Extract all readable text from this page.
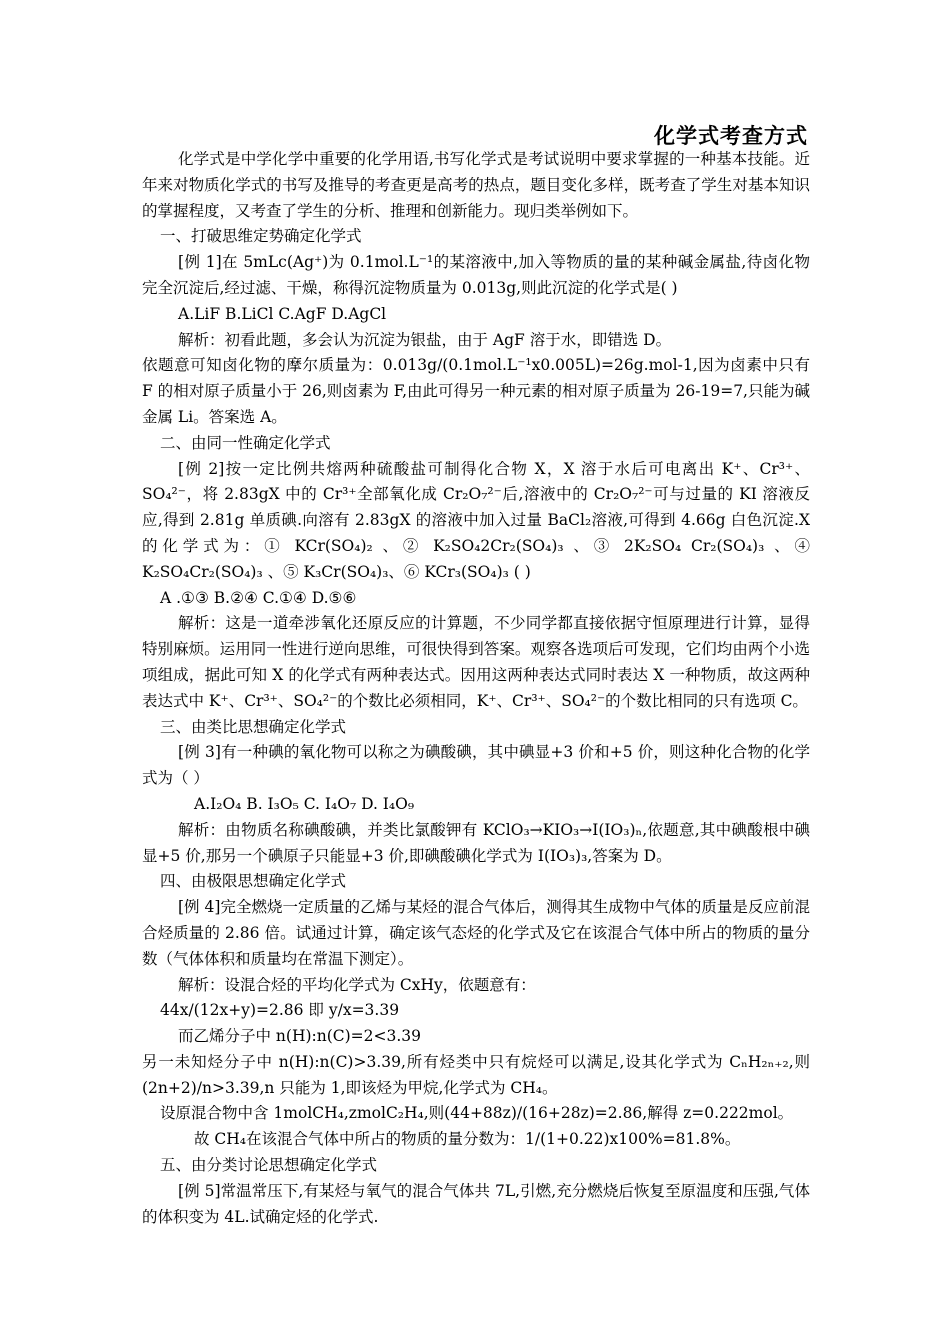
化学式考查方式

化学式是中学化学中重要的化学用语,书写化学式是考试说明中要求掌握的一种基本技能。近年来对物质化学式的书写及推导的考查更是高考的热点，题目变化多样，既考查了学生对基本知识的掌握程度，又考查了学生的分析、推理和创新能力。现归类举例如下。

一、打破思维定势确定化学式

[例 1]在 5mLc(Ag⁺)为 0.1mol.L⁻¹的某溶液中,加入等物质的量的某种碱金属盐,待卤化物完全沉淀后,经过滤、干燥，称得沉淀物质量为 0.013g,则此沉淀的化学式是( )

A.LiF B.LiCl C.AgF D.AgCl

解析：初看此题，多会认为沉淀为银盐，由于 AgF 溶于水，即错选 D。

依题意可知卤化物的摩尔质量为：0.013g/(0.1mol.L⁻¹x0.005L)=26g.mol-1,因为卤素中只有 F 的相对原子质量小于 26,则卤素为 F,由此可得另一种元素的相对原子质量为 26-19=7,只能为碱金属 Li。答案选 A。

二、由同一性确定化学式

[例 2]按一定比例共熔两种硫酸盐可制得化合物 X，X 溶于水后可电离出 K⁺、Cr³⁺、SO₄²⁻，将 2.83gX 中的 Cr³⁺全部氧化成 Cr₂O₇²⁻后,溶液中的 Cr₂O₇²⁻可与过量的 KI 溶液反应,得到 2.81g 单质碘.向溶有 2.83gX 的溶液中加入过量 BaCl₂溶液,可得到 4.66g 白色沉淀.X 的化学式为：① KCr(SO₄)₂ 、② K₂SO₄2Cr₂(SO₄)₃ 、③ 2K₂SO₄ Cr₂(SO₄)₃ 、④ K₂SO₄Cr₂(SO₄)₃ 、⑤ K₃Cr(SO₄)₃、⑥ KCr₃(SO₄)₃ ( )

A .①③ B.②④ C.①④ D.⑤⑥

解析：这是一道牵涉氧化还原反应的计算题，不少同学都直接依据守恒原理进行计算，显得特别麻烦。运用同一性进行逆向思维，可很快得到答案。观察各选项后可发现，它们均由两个小选项组成，据此可知 X 的化学式有两种表达式。因用这两种表达式同时表达 X 一种物质，故这两种表达式中 K⁺、Cr³⁺、SO₄²⁻的个数比必须相同，K⁺、Cr³⁺、SO₄²⁻的个数比相同的只有选项 C。

三、由类比思想确定化学式

[例 3]有一种碘的氧化物可以称之为碘酸碘，其中碘显+3 价和+5 价，则这种化合物的化学式为（ ）

A.I₂O₄ B. I₃O₅ C. I₄O₇ D. I₄O₉

解析：由物质名称碘酸碘，并类比氯酸钾有 KClO₃→KIO₃→I(IO₃)ₙ,依题意,其中碘酸根中碘显+5 价,那另一个碘原子只能显+3 价,即碘酸碘化学式为 I(IO₃)₃,答案为 D。

四、由极限思想确定化学式

[例 4]完全燃烧一定质量的乙烯与某烃的混合气体后，测得其生成物中气体的质量是反应前混合烃质量的 2.86 倍。试通过计算，确定该气态烃的化学式及它在该混合气体中所占的物质的量分数（气体体积和质量均在常温下测定）。

解析：设混合烃的平均化学式为 CxHy，依题意有：

44x/(12x+y)=2.86 即 y/x=3.39

而乙烯分子中 n(H):n(C)=2<3.39

另一未知烃分子中 n(H):n(C)>3.39,所有烃类中只有烷烃可以满足,设其化学式为 CₙH₂ₙ₊₂,则(2n+2)/n>3.39,n 只能为 1,即该烃为甲烷,化学式为 CH₄。

设原混合物中含 1molCH₄,zmolC₂H₄,则(44+88z)/(16+28z)=2.86,解得 z=0.222mol。

故 CH₄在该混合气体中所占的物质的量分数为：1/(1+0.22)x100%=81.8%。

五、由分类讨论思想确定化学式

[例 5]常温常压下,有某烃与氧气的混合气体共 7L,引燃,充分燃烧后恢复至原温度和压强,气体的体积变为 4L.试确定烃的化学式.
